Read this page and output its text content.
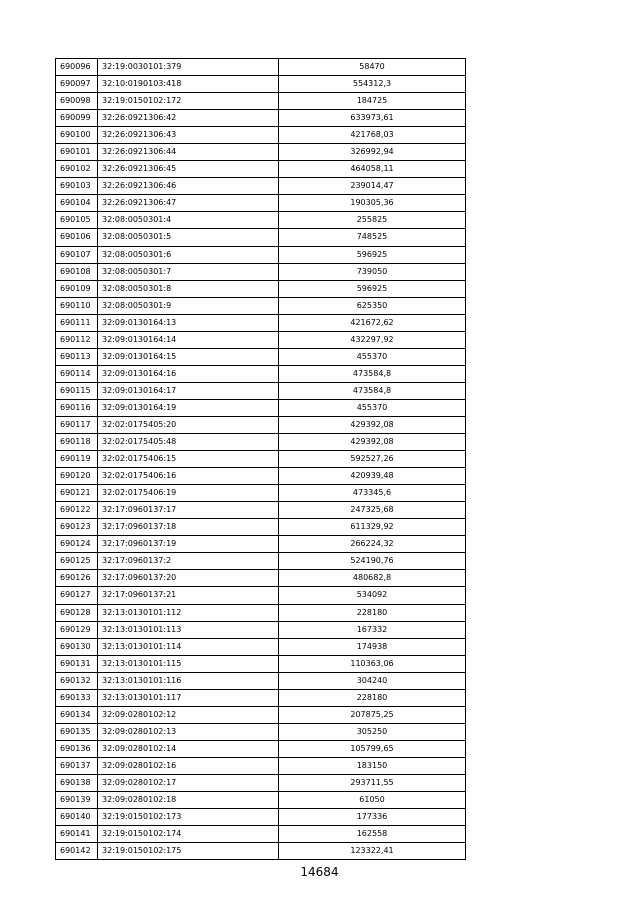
690096	32:19:0030101:379	58470
690097	32:10:0190103:418	554312,3
690098	32:19:0150102:172	184725
690099	32:26:0921306:42	633973,61
690100	32:26:0921306:43	421768,03
690101	32:26:0921306:44	326992,94
690102	32:26:0921306:45	464058,11
690103	32:26:0921306:46	239014,47
690104	32:26:0921306:47	190305,36
690105	32:08:0050301:4	255825
690106	32:08:0050301:5	748525
690107	32:08:0050301:6	596925
690108	32:08:0050301:7	739050
690109	32:08:0050301:8	596925
690110	32:08:0050301:9	625350
690111	32:09:0130164:13	421672,62
690112	32:09:0130164:14	432297,92
690113	32:09:0130164:15	455370
690114	32:09:0130164:16	473584,8
690115	32:09:0130164:17	473584,8
690116	32:09:0130164:19	455370
690117	32:02:0175405:20	429392,08
690118	32:02:0175405:48	429392,08
690119	32:02:0175406:15	592527,26
690120	32:02:0175406:16	420939,48
690121	32:02:0175406:19	473345,6
690122	32:17:0960137:17	247325,68
690123	32:17:0960137:18	611329,92
690124	32:17:0960137:19	266224,32
690125	32:17:0960137:2	524190,76
690126	32:17:0960137:20	480682,8
690127	32:17:0960137:21	534092
690128	32:13:0130101:112	228180
690129	32:13:0130101:113	167332
690130	32:13:0130101:114	174938
690131	32:13:0130101:115	110363,06
690132	32:13:0130101:116	304240
690133	32:13:0130101:117	228180
690134	32:09:0280102:12	207875,25
690135	32:09:0280102:13	305250
690136	32:09:0280102:14	105799,65
690137	32:09:0280102:16	183150
690138	32:09:0280102:17	293711,55
690139	32:09:0280102:18	61050
690140	32:19:0150102:173	177336
690141	32:19:0150102:174	162558
690142	32:19:0150102:175	123322,41
14684
